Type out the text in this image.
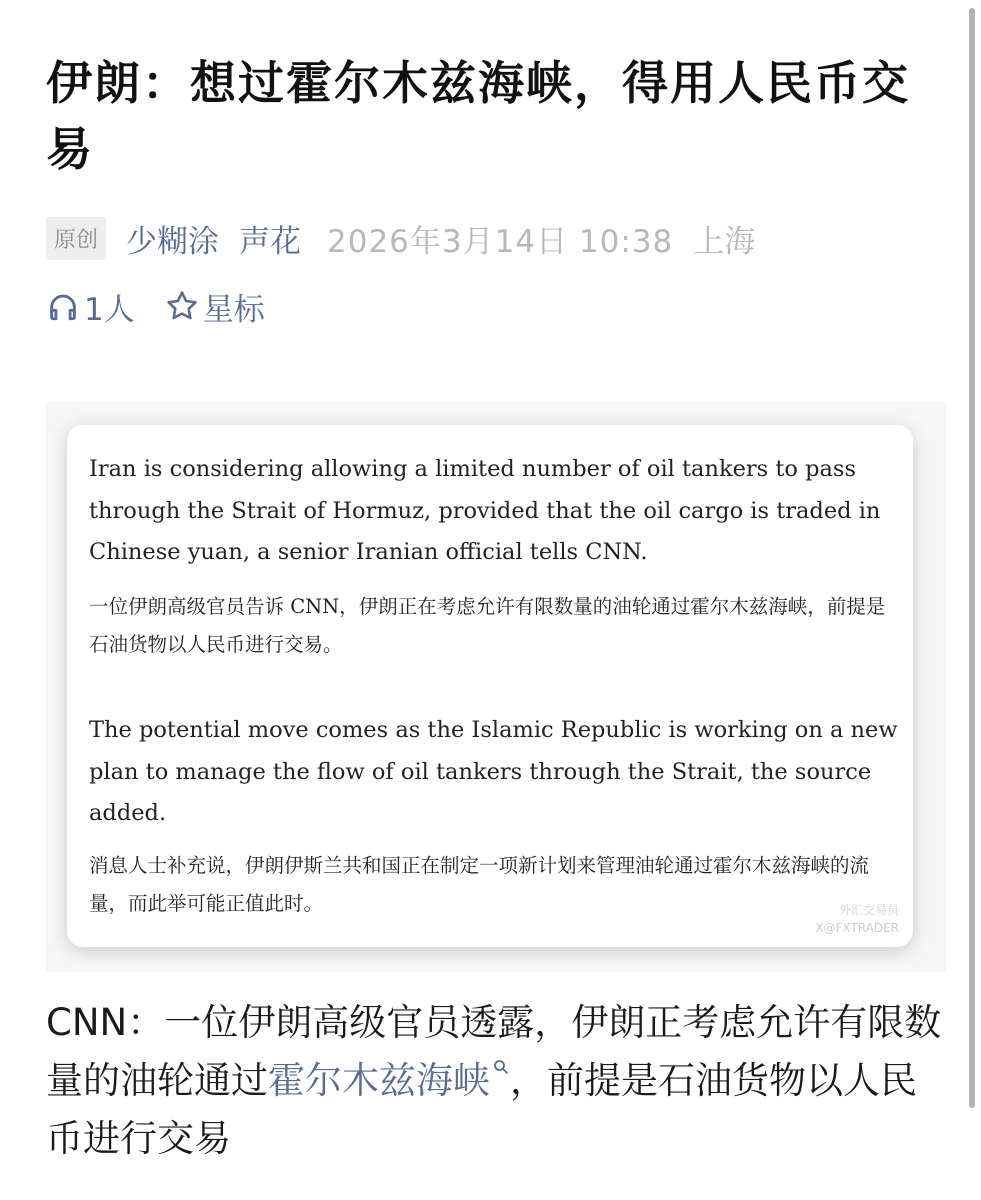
伊朗：想过霍尔木兹海峡，得用人民币交易
原创 少糊涂 声花 2026年3月14日 10:38 上海
1人 星标

Iran is considering allowing a limited number of oil tankers to pass through the Strait of Hormuz, provided that the oil cargo is traded in Chinese yuan, a senior Iranian official tells CNN.

一位伊朗高级官员告诉 CNN，伊朗正在考虑允许有限数量的油轮通过霍尔木兹海峡，前提是石油货物以人民币进行交易。

The potential move comes as the Islamic Republic is working on a new plan to manage the flow of oil tankers through the Strait, the source added.

消息人士补充说，伊朗伊斯兰共和国正在制定一项新计划来管理油轮通过霍尔木兹海峡的流量，而此举可能正值此时。	外汇交易员
X@FXTRADER

CNN：一位伊朗高级官员透露，伊朗正考虑允许有限数量的油轮通过霍尔木兹海峡 ，前提是石油货物以人民币进行交易
